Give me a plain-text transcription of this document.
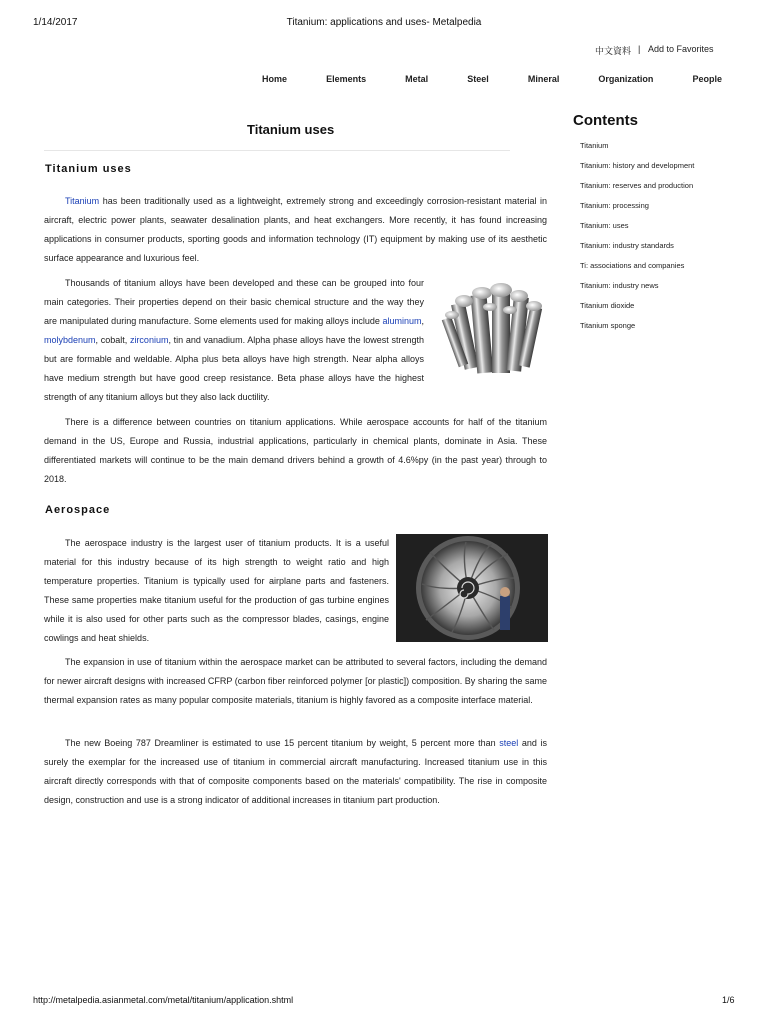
1/14/2017	Titanium: applications and uses- Metalpedia
中文資料 | Add to Favorites
Home	Elements	Metal	Steel	Mineral	Organization	People
Titanium uses
Titanium uses

Titanium has been traditionally used as a lightweight, extremely strong and exceedingly corrosion-resistant material in aircraft, electric power plants, seawater desalination plants, and heat exchangers. More recently, it has found increasing applications in consumer products, sporting goods and information technology (IT) equipment by making use of its aesthetic surface appearance and luxurious feel.

Thousands of titanium alloys have been developed and these can be grouped into four main categories. Their properties depend on their basic chemical structure and the way they are manipulated during manufacture. Some elements used for making alloys include aluminum, molybdenum, cobalt, zirconium, tin and vanadium. Alpha phase alloys have the lowest strength but are formable and weldable. Alpha plus beta alloys have high strength. Near alpha alloys have medium strength but have good creep resistance. Beta phase alloys have the highest strength of any titanium alloys but they also lack ductility.

There is a difference between countries on titanium applications. While aerospace accounts for half of the titanium demand in the US, Europe and Russia, industrial applications, particularly in chemical plants, dominate in Asia. These differentiated markets will continue to be the main demand drivers behind a growth of 4.6%py (in the past year) through to 2018.

Aerospace

The aerospace industry is the largest user of titanium products. It is a useful material for this industry because of its high strength to weight ratio and high temperature properties. Titanium is typically used for airplane parts and fasteners. These same properties make titanium useful for the production of gas turbine engines while it is also used for other parts such as the compressor blades, casings, engine cowlings and heat shields.

The expansion in use of titanium within the aerospace market can be attributed to several factors, including the demand for newer aircraft designs with increased CFRP (carbon fiber reinforced polymer [or plastic]) composition. By sharing the same thermal expansion rates as many popular composite materials, titanium is highly favored as a composite interface material.

The new Boeing 787 Dreamliner is estimated to use 15 percent titanium by weight, 5 percent more than steel and is surely the exemplar for the increased use of titanium in commercial aircraft manufacturing. Increased titanium use in this aircraft directly corresponds with that of composite components based on the materials' compatibility. The rise in composite design, construction and use is a strong indicator of additional increases in titanium part production.

Contents
Titanium
Titanium: history and development
Titanium: reserves and production
Titanium: processing
Titanium: uses
Titanium: industry standards
Ti: associations and companies
Titanium: industry news
Titanium dioxide
Titanium sponge
http://metalpedia.asianmetal.com/metal/titanium/application.shtml	1/6
